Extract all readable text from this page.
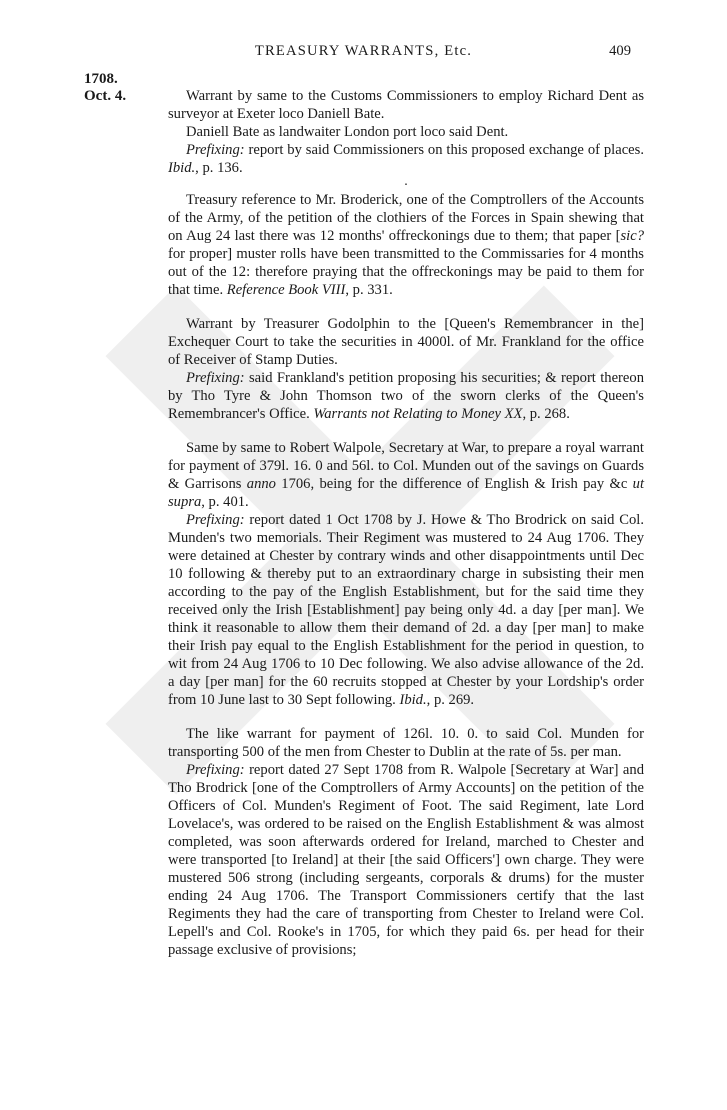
TREASURY WARRANTS, Etc.	409
1708.
Oct. 4.	Warrant by same to the Customs Commissioners to employ Richard Dent as surveyor at Exeter loco Daniell Bate.

Daniell Bate as landwaiter London port loco said Dent.

Prefixing: report by said Commissioners on this proposed exchange of places. Ibid., p. 136.

.

Treasury reference to Mr. Broderick, one of the Comptrollers of the Accounts of the Army, of the petition of the clothiers of the Forces in Spain shewing that on Aug 24 last there was 12 months' offreckonings due to them; that paper [sic? for proper] muster rolls have been transmitted to the Commissaries for 4 months out of the 12: therefore praying that the offreckonings may be paid to them for that time. Reference Book VIII, p. 331.

Warrant by Treasurer Godolphin to the [Queen's Remembrancer in the] Exchequer Court to take the securities in 4000l. of Mr. Frankland for the office of Receiver of Stamp Duties.

Prefixing: said Frankland's petition proposing his securities; & report thereon by Tho Tyre & John Thomson two of the sworn clerks of the Queen's Remembrancer's Office. Warrants not Relating to Money XX, p. 268.

Same by same to Robert Walpole, Secretary at War, to prepare a royal warrant for payment of 379l. 16. 0 and 56l. to Col. Munden out of the savings on Guards & Garrisons anno 1706, being for the difference of English & Irish pay &c ut supra, p. 401.

Prefixing: report dated 1 Oct 1708 by J. Howe & Tho Brodrick on said Col. Munden's two memorials. Their Regiment was mustered to 24 Aug 1706. They were detained at Chester by contrary winds and other disappointments until Dec 10 following & thereby put to an extraordinary charge in subsisting their men according to the pay of the English Establishment, but for the said time they received only the Irish [Establishment] pay being only 4d. a day [per man]. We think it reasonable to allow them their demand of 2d. a day [per man] to make their Irish pay equal to the English Establishment for the period in question, to wit from 24 Aug 1706 to 10 Dec following. We also advise allowance of the 2d. a day [per man] for the 60 recruits stopped at Chester by your Lordship's order from 10 June last to 30 Sept following. Ibid., p. 269.

The like warrant for payment of 126l. 10. 0. to said Col. Munden for transporting 500 of the men from Chester to Dublin at the rate of 5s. per man.

Prefixing: report dated 27 Sept 1708 from R. Walpole [Secretary at War] and Tho Brodrick [one of the Comptrollers of Army Accounts] on the petition of the Officers of Col. Munden's Regiment of Foot. The said Regiment, late Lord Lovelace's, was ordered to be raised on the English Establishment & was almost completed, was soon afterwards ordered for Ireland, marched to Chester and were transported [to Ireland] at their [the said Officers'] own charge. They were mustered 506 strong (including sergeants, corporals & drums) for the muster ending 24 Aug 1706. The Transport Commissioners certify that the last Regiments they had the care of transporting from Chester to Ireland were Col. Lepell's and Col. Rooke's in 1705, for which they paid 6s. per head for their passage exclusive of provisions;
